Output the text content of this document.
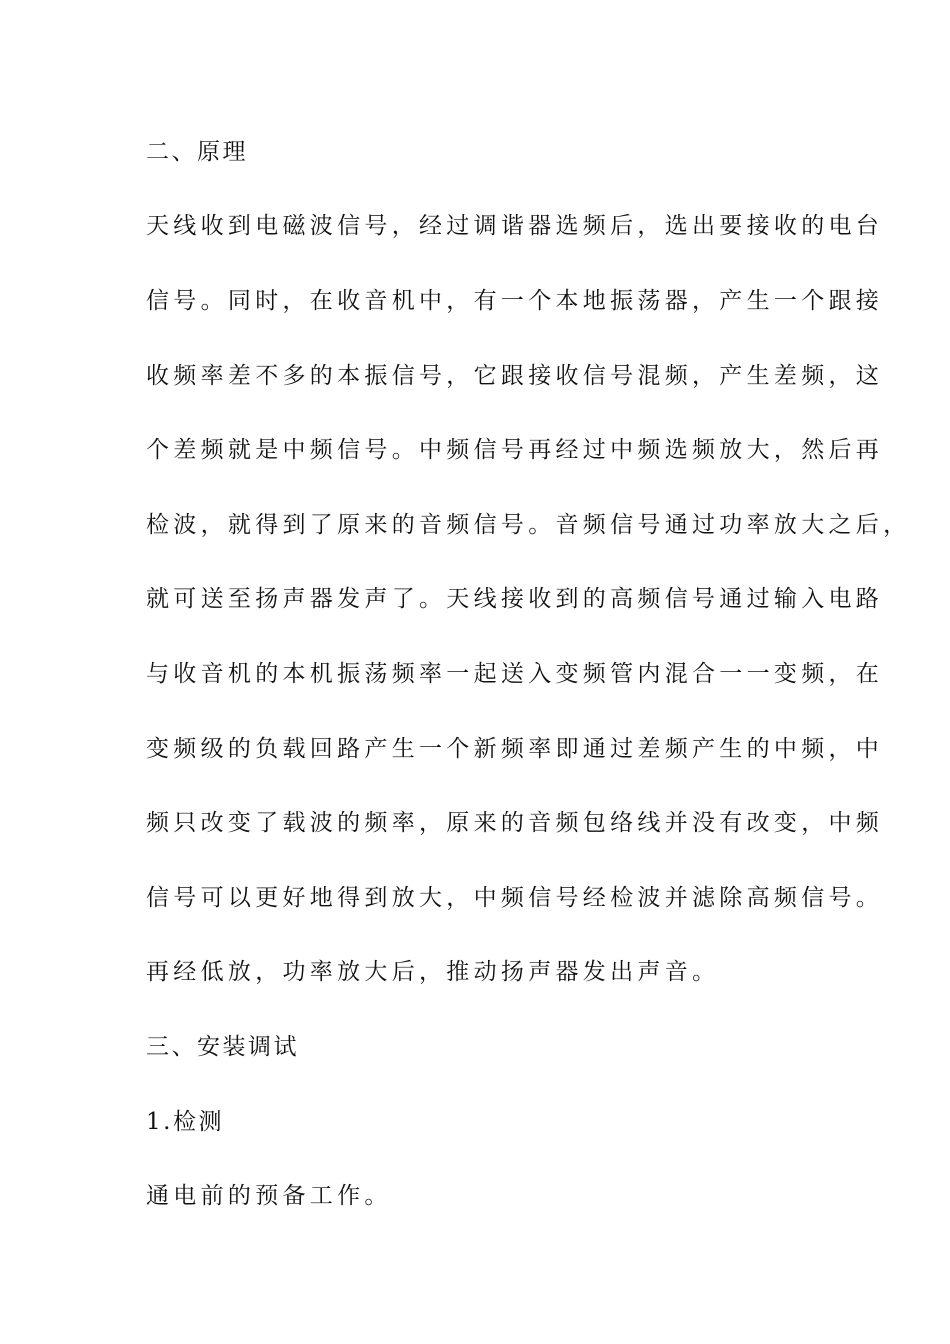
二、原理
天线收到电磁波信号，经过调谐器选频后，选出要接收的电台
信号。同时，在收音机中，有一个本地振荡器，产生一个跟接
收频率差不多的本振信号，它跟接收信号混频，产生差频，这
个差频就是中频信号。中频信号再经过中频选频放大，然后再
检波，就得到了原来的音频信号。音频信号通过功率放大之后，
就可送至扬声器发声了。天线接收到的高频信号通过输入电路
与收音机的本机振荡频率一起送入变频管内混合一一变频，在
变频级的负载回路产生一个新频率即通过差频产生的中频，中
频只改变了载波的频率，原来的音频包络线并没有改变，中频
信号可以更好地得到放大，中频信号经检波并滤除高频信号。
再经低放，功率放大后，推动扬声器发出声音。
三、安装调试
1.检测
通电前的预备工作。
